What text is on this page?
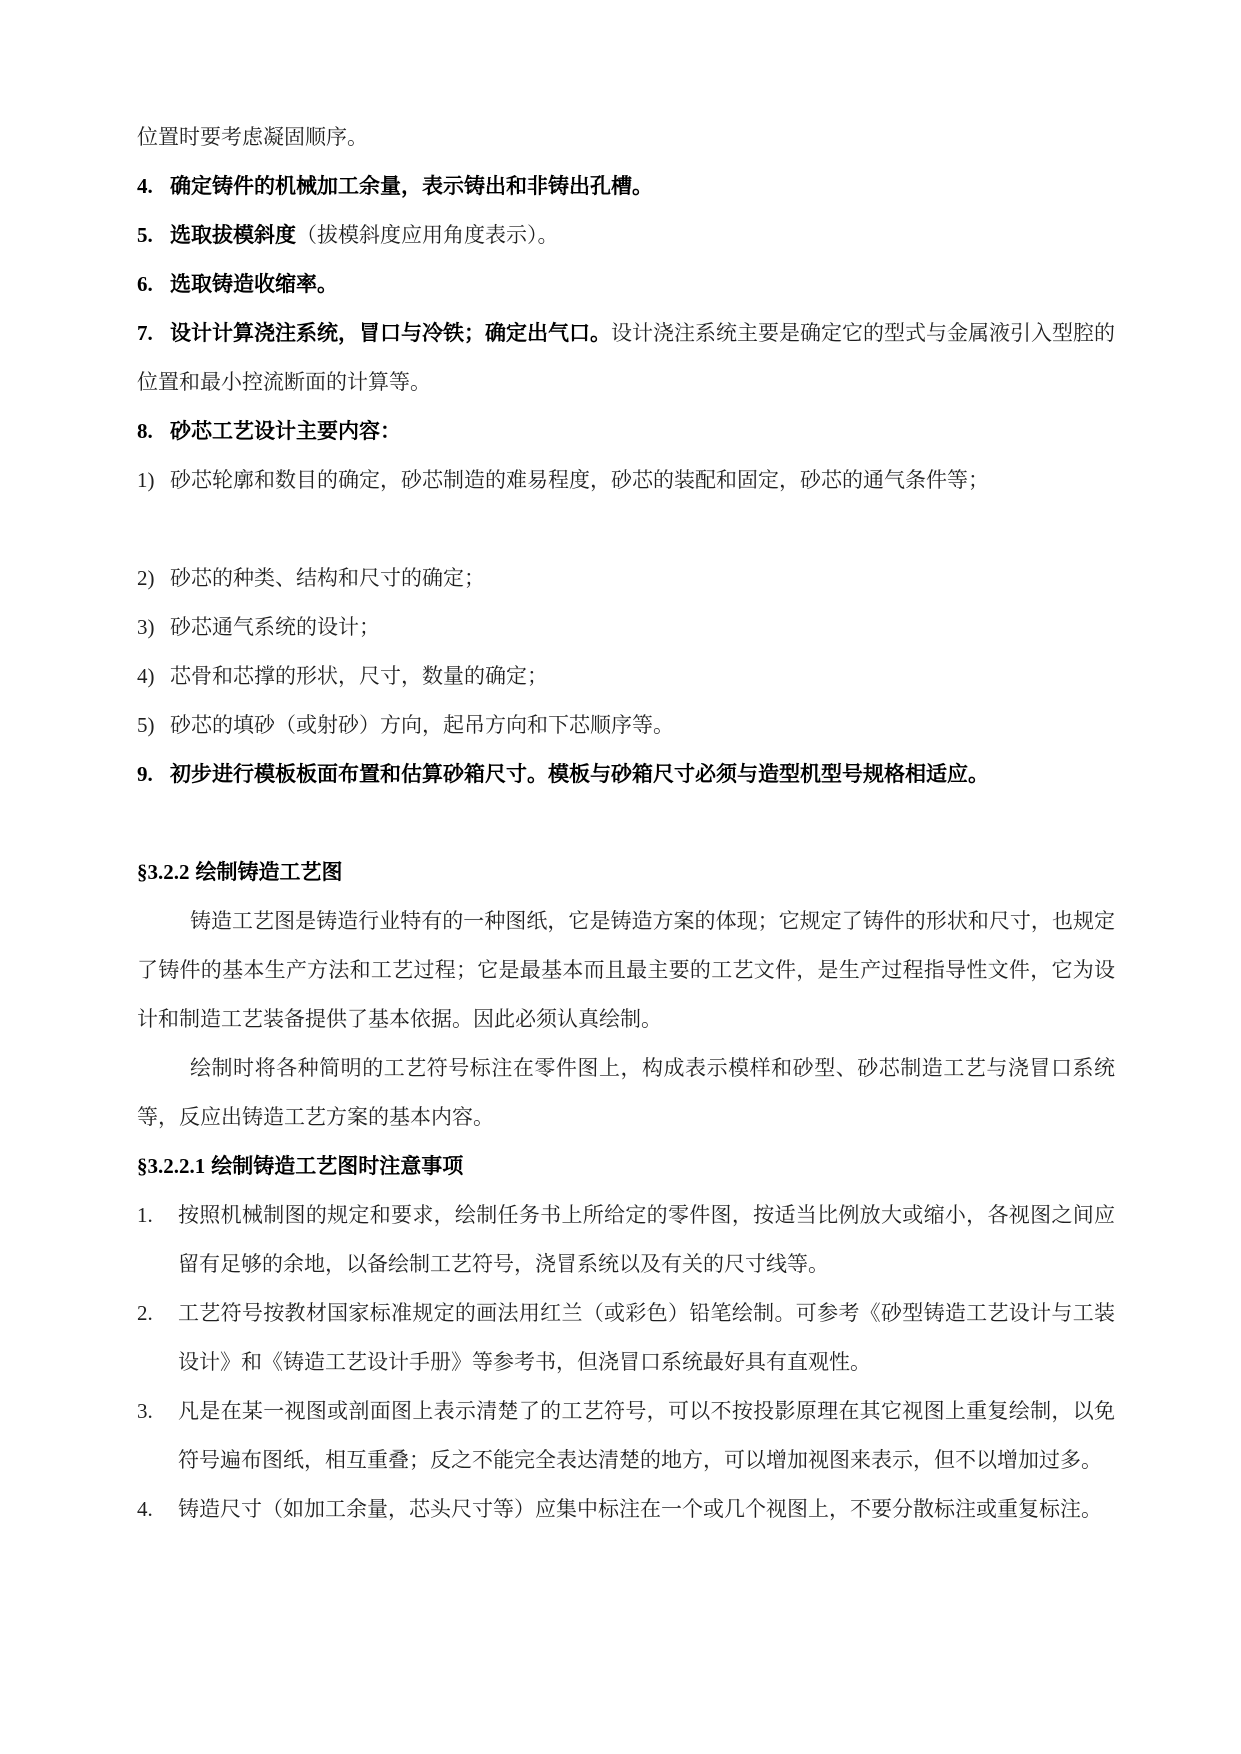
位置时要考虑凝固顺序。
4. 确定铸件的机械加工余量，表示铸出和非铸出孔槽。
5. 选取拔模斜度（拔模斜度应用角度表示）。
6. 选取铸造收缩率。
7. 设计计算浇注系统，冒口与冷铁；确定出气口。设计浇注系统主要是确定它的型式与金属液引入型腔的位置和最小控流断面的计算等。
8. 砂芯工艺设计主要内容：
1) 砂芯轮廓和数目的确定，砂芯制造的难易程度，砂芯的装配和固定，砂芯的通气条件等；
2) 砂芯的种类、结构和尺寸的确定；
3) 砂芯通气系统的设计；
4) 芯骨和芯撑的形状，尺寸，数量的确定；
5) 砂芯的填砂（或射砂）方向，起吊方向和下芯顺序等。
9. 初步进行模板板面布置和估算砂箱尺寸。模板与砂箱尺寸必须与造型机型号规格相适应。
§3.2.2 绘制铸造工艺图
铸造工艺图是铸造行业特有的一种图纸，它是铸造方案的体现；它规定了铸件的形状和尺寸，也规定了铸件的基本生产方法和工艺过程；它是最基本而且最主要的工艺文件，是生产过程指导性文件，它为设计和制造工艺装备提供了基本依据。因此必须认真绘制。
绘制时将各种简明的工艺符号标注在零件图上，构成表示模样和砂型、砂芯制造工艺与浇冒口系统等，反应出铸造工艺方案的基本内容。
§3.2.2.1 绘制铸造工艺图时注意事项
1. 按照机械制图的规定和要求，绘制任务书上所给定的零件图，按适当比例放大或缩小，各视图之间应留有足够的余地，以备绘制工艺符号，浇冒系统以及有关的尺寸线等。
2. 工艺符号按教材国家标准规定的画法用红兰（或彩色）铅笔绘制。可参考《砂型铸造工艺设计与工装设计》和《铸造工艺设计手册》等参考书，但浇冒口系统最好具有直观性。
3. 凡是在某一视图或剖面图上表示清楚了的工艺符号，可以不按投影原理在其它视图上重复绘制，以免符号遍布图纸，相互重叠；反之不能完全表达清楚的地方，可以增加视图来表示，但不以增加过多。
4. 铸造尺寸（如加工余量，芯头尺寸等）应集中标注在一个或几个视图上，不要分散标注或重复标注。
